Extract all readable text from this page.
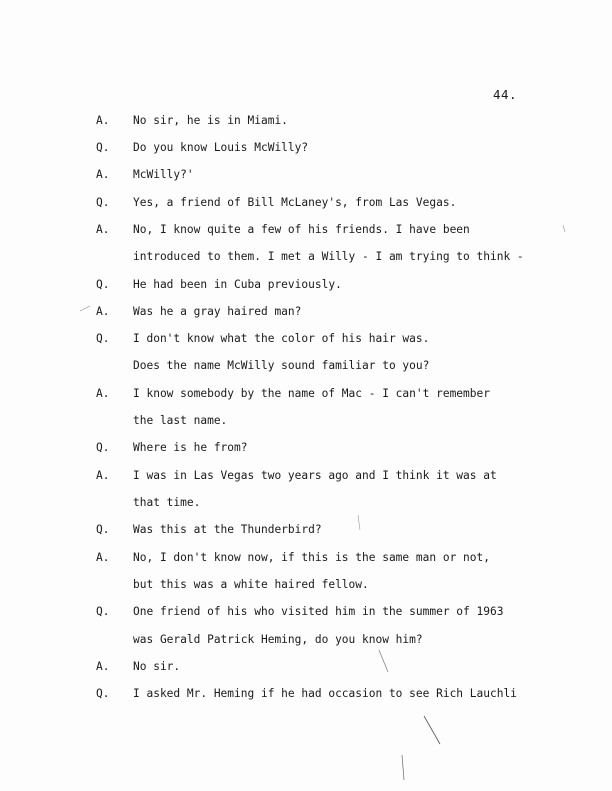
44.
A. No sir, he is in Miami.
Q. Do you know Louis McWilly?
A. McWilly?'
Q. Yes, a friend of Bill McLaney's, from Las Vegas.
A. No, I know quite a few of his friends. I have been
introduced to them. I met a Willy - I am trying to think -
Q. He had been in Cuba previously.
A. Was he a gray haired man?
Q. I don't know what the color of his hair was.
Does the name McWilly sound familiar to you?
A. I know somebody by the name of Mac - I can't remember
the last name.
Q. Where is he from?
A. I was in Las Vegas two years ago and I think it was at
that time.
Q. Was this at the Thunderbird?
A. No, I don't know now, if this is the same man or not,
but this was a white haired fellow.
Q. One friend of his who visited him in the summer of 1963
was Gerald Patrick Heming, do you know him?
A. No sir.
Q. I asked Mr. Heming if he had occasion to see Rich Lauchli
